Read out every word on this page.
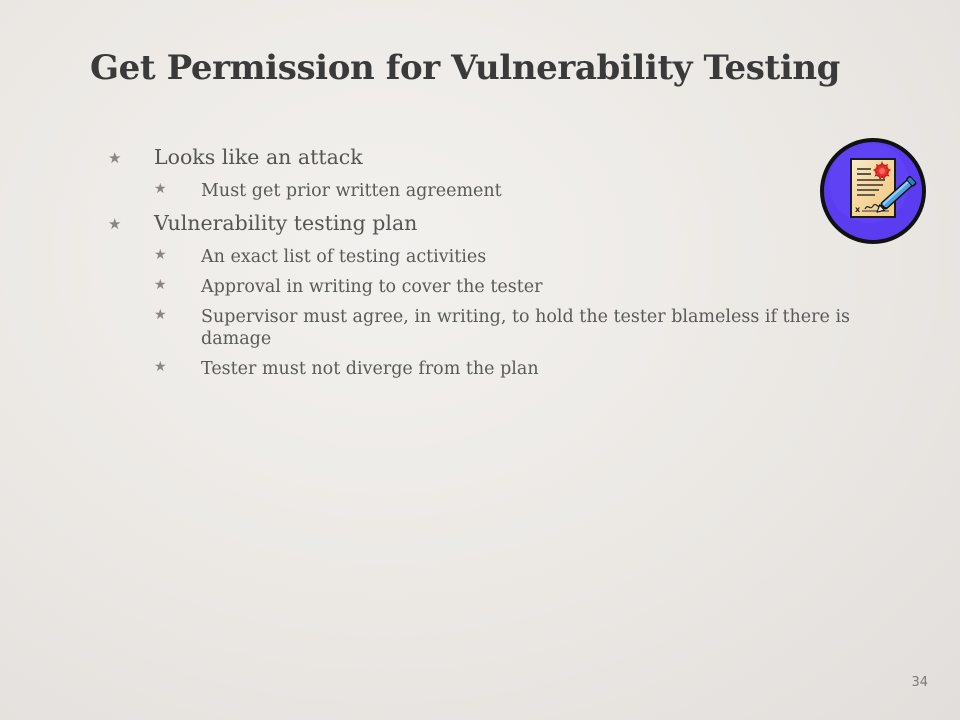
Get Permission for Vulnerability Testing
★ Looks like an attack
★ Must get prior written agreement
★ Vulnerability testing plan
★ An exact list of testing activities
★ Approval in writing to cover the tester
★ Supervisor must agree, in writing, to hold the tester blameless if there is damage
★ Tester must not diverge from the plan
x
34
